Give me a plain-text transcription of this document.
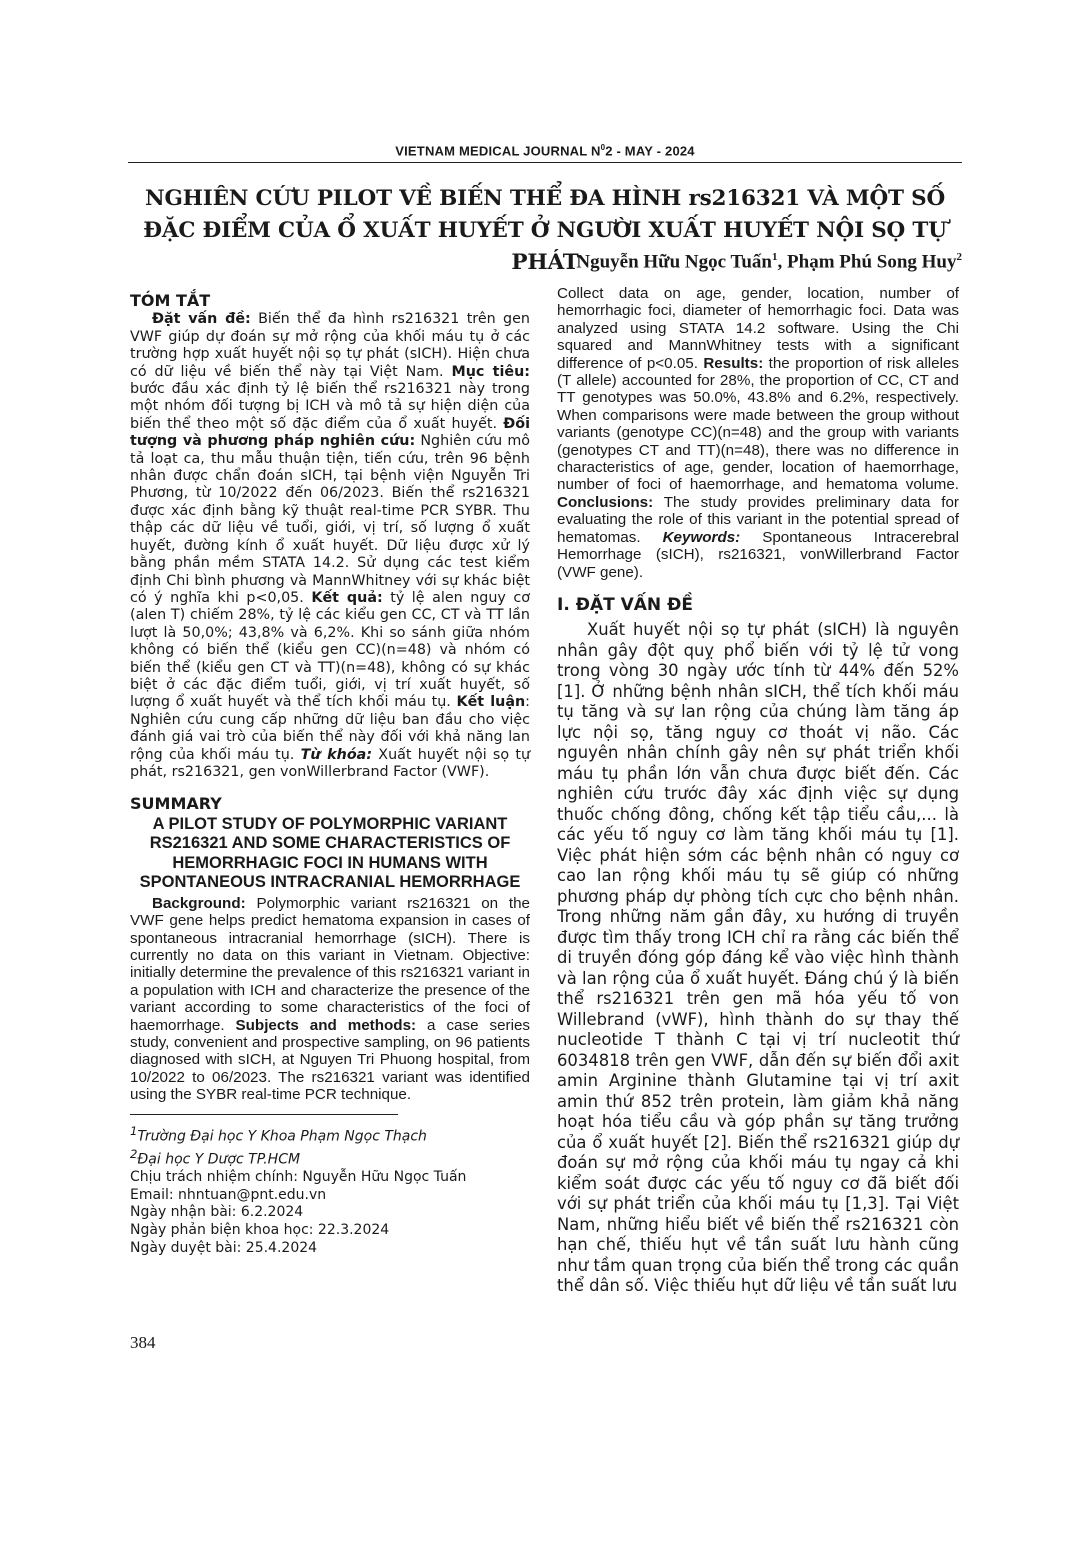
VIETNAM MEDICAL JOURNAL $N^02$ - MAY - 2024
NGHIÊN CỨU PILOT VỀ BIẾN THỂ ĐA HÌNH rs216321 VÀ MỘT SỐ
ĐẶC ĐIỂM CỦA Ổ XUẤT HUYẾT Ở NGƯỜI XUẤT HUYẾT NỘI SỌ TỰ PHÁT
Nguyễn Hữu Ngọc Tuấn$^1$, Phạm Phú Song Huy$^2$
TÓM TẮT

Đặt vấn đề: Biến thể đa hình rs216321 trên gen VWF giúp dự đoán sự mở rộng của khối máu tụ ở các trường hợp xuất huyết nội sọ tự phát (sICH). Hiện chưa có dữ liệu về biến thể này tại Việt Nam. Mục tiêu: bước đầu xác định tỷ lệ biến thể rs216321 này trong một nhóm đối tượng bị ICH và mô tả sự hiện diện của biến thể theo một số đặc điểm của ổ xuất huyết. Đối tượng và phương pháp nghiên cứu: Nghiên cứu mô tả loạt ca, thu mẫu thuận tiện, tiến cứu, trên 96 bệnh nhân được chẩn đoán sICH, tại bệnh viện Nguyễn Tri Phương, từ 10/2022 đến 06/2023. Biến thể rs216321 được xác định bằng kỹ thuật real-time PCR SYBR. Thu thập các dữ liệu về tuổi, giới, vị trí, số lượng ổ xuất huyết, đường kính ổ xuất huyết. Dữ liệu được xử lý bằng phần mềm STATA 14.2. Sử dụng các test kiểm định Chi bình phương và MannWhitney với sự khác biệt có ý nghĩa khi p<0,05. Kết quả: tỷ lệ alen nguy cơ (alen T) chiếm 28%, tỷ lệ các kiểu gen CC, CT và TT lần lượt là 50,0%; 43,8% và 6,2%. Khi so sánh giữa nhóm không có biến thể (kiểu gen CC)(n=48) và nhóm có biến thể (kiểu gen CT và TT)(n=48), không có sự khác biệt ở các đặc điểm tuổi, giới, vị trí xuất huyết, số lượng ổ xuất huyết và thể tích khối máu tụ. Kết luận: Nghiên cứu cung cấp những dữ liệu ban đầu cho việc đánh giá vai trò của biến thể này đối với khả năng lan rộng của khối máu tụ. Từ khóa: Xuất huyết nội sọ tự phát, rs216321, gen vonWillerbrand Factor (VWF).

SUMMARY
A PILOT STUDY OF POLYMORPHIC VARIANT RS216321 AND SOME CHARACTERISTICS OF HEMORRHAGIC FOCI IN HUMANS WITH SPONTANEOUS INTRACRANIAL HEMORRHAGE

Background: Polymorphic variant rs216321 on the VWF gene helps predict hematoma expansion in cases of spontaneous intracranial hemorrhage (sICH). There is currently no data on this variant in Vietnam. Objective: initially determine the prevalence of this rs216321 variant in a population with ICH and characterize the presence of the variant according to some characteristics of the foci of haemorrhage. Subjects and methods: a case series study, convenient and prospective sampling, on 96 patients diagnosed with sICH, at Nguyen Tri Phuong hospital, from 10/2022 to 06/2023. The rs216321 variant was identified using the SYBR real-time PCR technique.

$^1$Trường Đại học Y Khoa Phạm Ngọc Thạch
$^2$Đại học Y Dược TP.HCM
Chịu trách nhiệm chính: Nguyễn Hữu Ngọc Tuấn
Email: nhntuan@pnt.edu.vn
Ngày nhận bài: 6.2.2024
Ngày phản biện khoa học: 22.3.2024
Ngày duyệt bài: 25.4.2024

Collect data on age, gender, location, number of hemorrhagic foci, diameter of hemorrhagic foci. Data was analyzed using STATA 14.2 software. Using the Chi squared and MannWhitney tests with a significant difference of p<0.05. Results: the proportion of risk alleles (T allele) accounted for 28%, the proportion of CC, CT and TT genotypes was 50.0%, 43.8% and 6.2%, respectively. When comparisons were made between the group without variants (genotype CC)(n=48) and the group with variants (genotypes CT and TT)(n=48), there was no difference in characteristics of age, gender, location of haemorrhage, number of foci of haemorrhage, and hematoma volume. Conclusions: The study provides preliminary data for evaluating the role of this variant in the potential spread of hematomas. Keywords: Spontaneous Intracerebral Hemorrhage (sICH), rs216321, vonWillerbrand Factor (VWF gene).

I. ĐẶT VẤN ĐỀ

Xuất huyết nội sọ tự phát (sICH) là nguyên nhân gây đột quỵ phổ biến với tỷ lệ tử vong trong vòng 30 ngày ước tính từ 44% đến 52% [1]. Ở những bệnh nhân sICH, thể tích khối máu tụ tăng và sự lan rộng của chúng làm tăng áp lực nội sọ, tăng nguy cơ thoát vị não. Các nguyên nhân chính gây nên sự phát triển khối máu tụ phần lớn vẫn chưa được biết đến. Các nghiên cứu trước đây xác định việc sự dụng thuốc chống đông, chống kết tập tiểu cầu,... là các yếu tố nguy cơ làm tăng khối máu tụ [1]. Việc phát hiện sớm các bệnh nhân có nguy cơ cao lan rộng khối máu tụ sẽ giúp có những phương pháp dự phòng tích cực cho bệnh nhân. Trong những năm gần đây, xu hướng di truyền được tìm thấy trong ICH chỉ ra rằng các biến thể di truyền đóng góp đáng kể vào việc hình thành và lan rộng của ổ xuất huyết. Đáng chú ý là biến thể rs216321 trên gen mã hóa yếu tố von Willebrand (vWF), hình thành do sự thay thế nucleotide T thành C tại vị trí nucleotit thứ 6034818 trên gen VWF, dẫn đến sự biến đổi axit amin Arginine thành Glutamine tại vị trí axit amin thứ 852 trên protein, làm giảm khả năng hoạt hóa tiểu cầu và góp phần sự tăng trưởng của ổ xuất huyết [2]. Biến thể rs216321 giúp dự đoán sự mở rộng của khối máu tụ ngay cả khi kiểm soát được các yếu tố nguy cơ đã biết đối với sự phát triển của khối máu tụ [1,3]. Tại Việt Nam, những hiểu biết về biến thể rs216321 còn hạn chế, thiếu hụt về tần suất lưu hành cũng như tầm quan trọng của biến thể trong các quần thể dân số. Việc thiếu hụt dữ liệu về tần suất lưu

384
